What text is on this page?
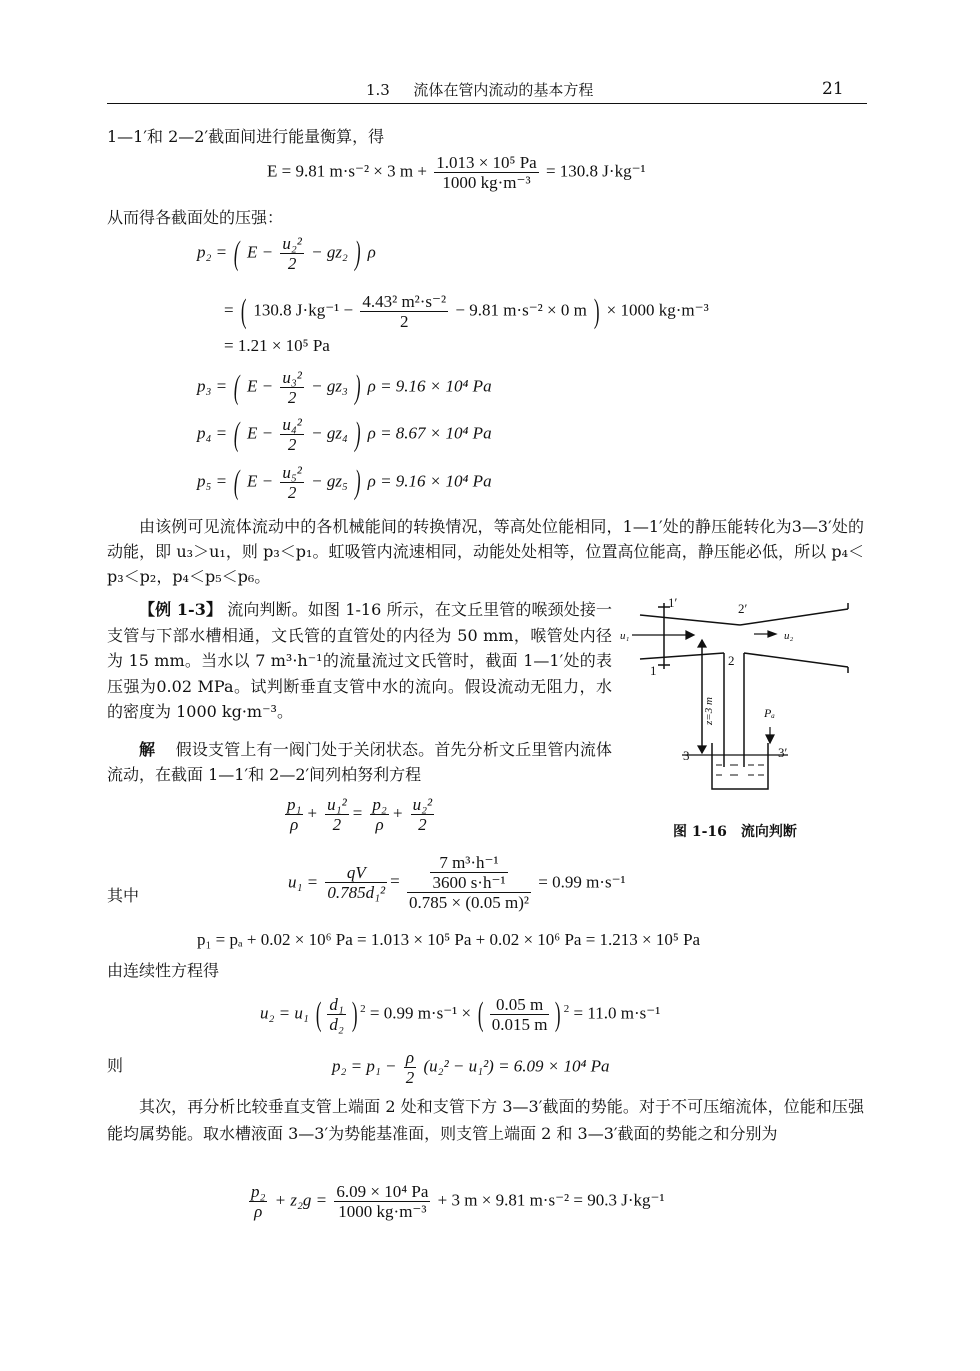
1.3 流体在管内流动的基本方程	21
1—1′和 2—2′截面间进行能量衡算，得
E = 9.81 m·s⁻² × 3 $m + \frac{\text{1.013 × 10⁵ Pa}}{\text{1000 kg·m⁻³}} = 130.8$ J·kg⁻¹
从而得各截面处的压强：
p₂ = ( $E - \frac{\text{u₂²}}{2} - gz_2$ ) ρ
= ( 130.8 $J\cdot kg^{-1} - \frac{\text{4.43² m²·s⁻²}}{2} - 9.81$ m·s⁻² × 0 m ) × 1000 kg·m⁻³
= 1.21 × 10⁵ Pa
p₃ = ( $E - \frac{\text{u₃²}}{2} - gz_3$ ) ρ = 9.16 × 10⁴ Pa
p₄ = ( $E - \frac{\text{u₄²}}{2} - gz_4$ ) ρ = 8.67 × 10⁴ Pa
p₅ = ( $E - \frac{\text{u₅²}}{2} - gz_5$ ) ρ = 9.16 × 10⁴ Pa
由该例可见流体流动中的各机械能间的转换情况，等高处位能相同，1—1′处的静压能转化为3—3′处的动能，即 u₃＞u₁，则 p₃＜p₁。虹吸管内流速相同，动能处处相等，位置高位能高，静压能必低，所以 p₄＜p₃＜p₂，p₄＜p₅＜p₆。
【例 1-3】 流向判断。如图 1-16 所示，在文丘里管的喉颈处接一支管与下部水槽相通，文氏管的直管处的内径为 50 mm，喉管处内径为 15 mm。当水以 7 m³·h⁻¹的流量流过文氏管时，截面 1—1′处的表压强为0.02 MPa。试判断垂直支管中水的流向。假设流动无阻力，水的密度为 1000 kg·m⁻³。
解 假设支管上有一阀门处于关闭状态。首先分析文丘里管内流体流动，在截面 1—1′和 2—2′间列柏努利方程
$\frac{\text{p₁}}{\rho} + \frac{\text{u₁²}}{2} = \frac{\text{p₂}}{\rho} + \frac{\text{u₂²}}{2}$
1′	2′
1
2
3	3′
u₁	u₂
Pₐ
z=3 m
图 1-16　流向判断
其中
$u_1 = \frac{qV}{\text{0.785d₁²}} = \frac{\frac{\text{7 m³·h⁻¹}}{\text{3600 s·h⁻¹}}}{\text{0.785 × (0.05 m)²}} = 0.99$ m·s⁻¹
p₁ = pₐ + 0.02 × 10⁶ Pa = 1.013 × 10⁵ Pa + 0.02 × 10⁶ Pa = 1.213 × 10⁵ Pa
由连续性方程得
u₂ = u₁ ( $\frac{\text{d₁}}{\text{d₂}}$ ) $^2$ = 0.99 m·s⁻¹ × ( $\frac{0.05 m}{0.015 m}$ ) $^2$ = 11.0 m·s⁻¹
则	$p_2 = p_1 - \frac{\rho}{2} (u_2^2 - u_1^2) = 6.09 \times 10^4$ Pa
其次，再分析比较垂直支管上端面 2 处和支管下方 3—3′截面的势能。对于不可压缩流体，位能和压强能均属势能。取水槽液面 3—3′为势能基准面，则支管上端面 2 和 3—3′截面的势能之和分别为
$\frac{\text{p₂}}{\rho} + z_2g = \frac{\text{6.09 × 10⁴ Pa}}{\text{1000 kg·m⁻³}} + 3$ m × 9.81 m·s⁻² = 90.3 J·kg⁻¹
